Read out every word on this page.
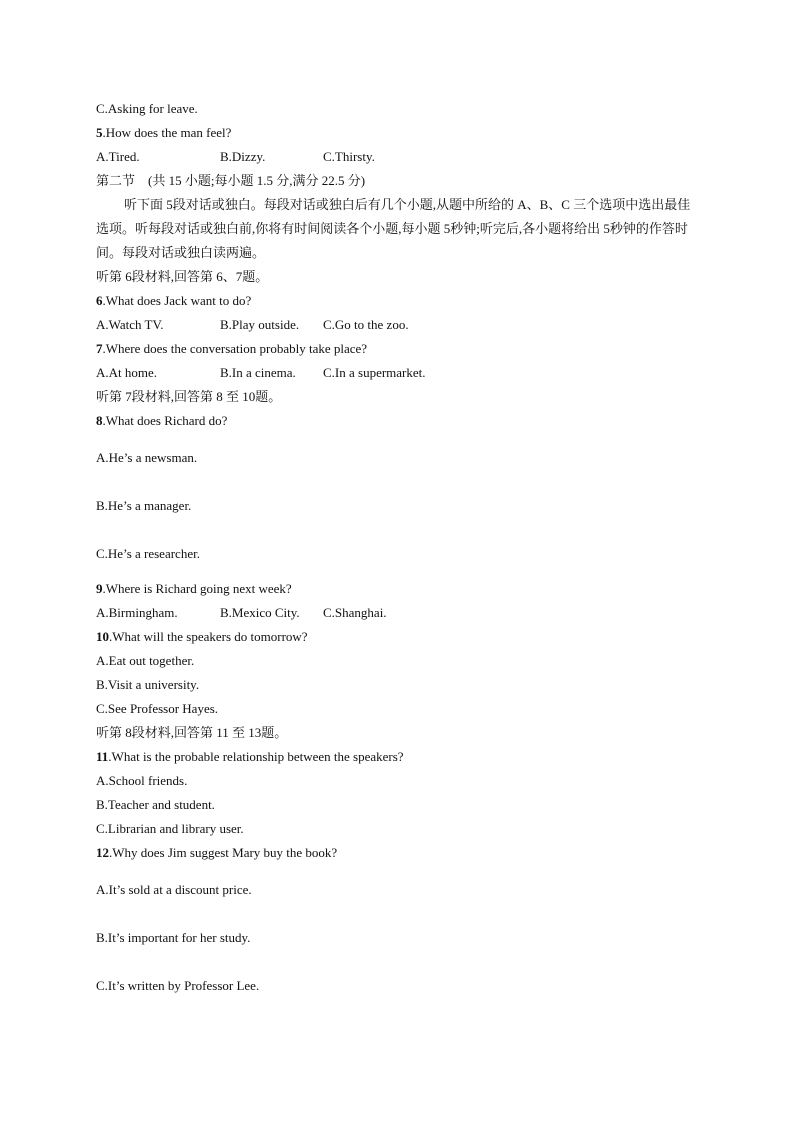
C.Asking for leave.
5.How does the man feel?
A.Tired.	B.Dizzy.	C.Thirsty.
第二节　(共 15 小题;每小题 1.5 分,满分 22.5 分)
听下面 5段对话或独白。每段对话或独白后有几个小题,从题中所给的 A、B、C 三个选项中选出最佳选项。听每段对话或独白前,你将有时间阅读各个小题,每小题 5秒钟;听完后,各小题将给出 5秒钟的作答时间。每段对话或独白读两遍。
听第 6段材料,回答第 6、7题。
6.What does Jack want to do?
A.Watch TV.	B.Play outside. C.Go to the zoo.
7.Where does the conversation probably take place?
A.At home.	B.In a cinema. C.In a supermarket.
听第 7段材料,回答第 8 至 10题。
8.What does Richard do?
A.He’s a newsman.
B.He’s a manager.
C.He’s a researcher.
9.Where is Richard going next week?
A.Birmingham.	B.Mexico City. C.Shanghai.
10.What will the speakers do tomorrow?
A.Eat out together.
B.Visit a university.
C.See Professor Hayes.
听第 8段材料,回答第 11 至 13题。
11.What is the probable relationship between the speakers?
A.School friends.
B.Teacher and student.
C.Librarian and library user.
12.Why does Jim suggest Mary buy the book?
A.It’s sold at a discount price.
B.It’s important for her study.
C.It’s written by Professor Lee.
